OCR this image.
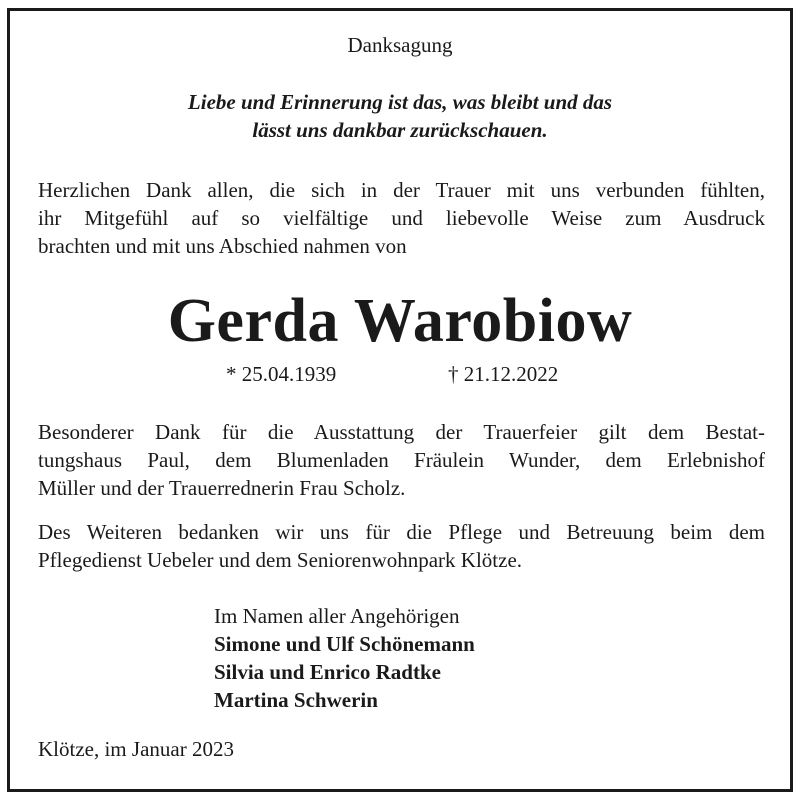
Danksagung
Liebe und Erinnerung ist das, was bleibt und das
lässt uns dankbar zurückschauen.
Herzlichen Dank allen, die sich in der Trauer mit uns verbunden fühlten,
ihr Mitgefühl auf so vielfältige und liebevolle Weise zum Ausdruck
brachten und mit uns Abschied nahmen von
Gerda Warobiow
* 25.04.1939	† 21.12.2022
Besonderer Dank für die Ausstattung der Trauerfeier gilt dem Bestat-
tungshaus Paul, dem Blumenladen Fräulein Wunder, dem Erlebnishof
Müller und der Trauerrednerin Frau Scholz.
Des Weiteren bedanken wir uns für die Pflege und Betreuung beim dem
Pflegedienst Uebeler und dem Seniorenwohnpark Klötze.
Im Namen aller Angehörigen
Simone und Ulf Schönemann
Silvia und Enrico Radtke
Martina Schwerin
Klötze, im Januar 2023
